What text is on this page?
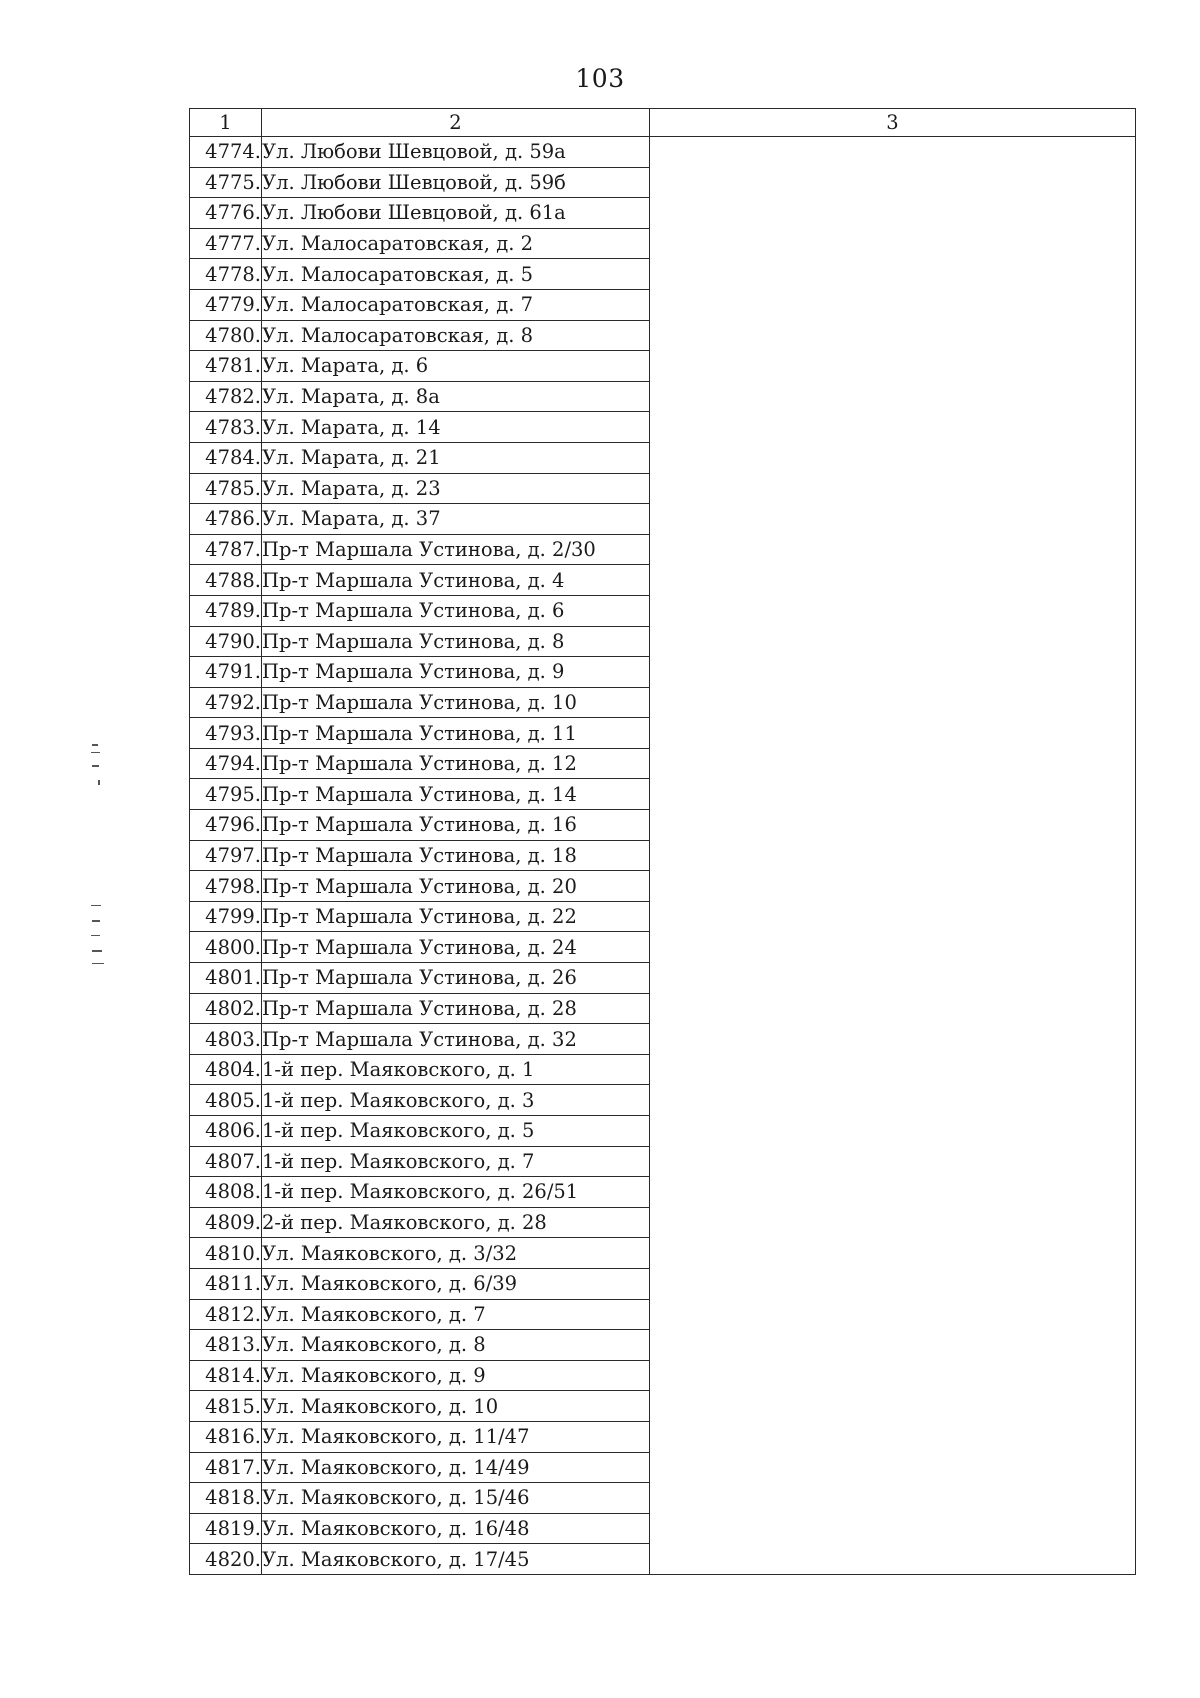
103
1	2	3
4774.	Ул. Любови Шевцовой, д. 59а	
4775.	Ул. Любови Шевцовой, д. 59б	
4776.	Ул. Любови Шевцовой, д. 61а	
4777.	Ул. Малосаратовская, д. 2	
4778.	Ул. Малосаратовская, д. 5	
4779.	Ул. Малосаратовская, д. 7	
4780.	Ул. Малосаратовская, д. 8	
4781.	Ул. Марата, д. 6	
4782.	Ул. Марата, д. 8а	
4783.	Ул. Марата, д. 14	
4784.	Ул. Марата, д. 21	
4785.	Ул. Марата, д. 23	
4786.	Ул. Марата, д. 37	
4787.	Пр-т Маршала Устинова, д. 2/30	
4788.	Пр-т Маршала Устинова, д. 4	
4789.	Пр-т Маршала Устинова, д. 6	
4790.	Пр-т Маршала Устинова, д. 8	
4791.	Пр-т Маршала Устинова, д. 9	
4792.	Пр-т Маршала Устинова, д. 10	
4793.	Пр-т Маршала Устинова, д. 11	
4794.	Пр-т Маршала Устинова, д. 12	
4795.	Пр-т Маршала Устинова, д. 14	
4796.	Пр-т Маршала Устинова, д. 16	
4797.	Пр-т Маршала Устинова, д. 18	
4798.	Пр-т Маршала Устинова, д. 20	
4799.	Пр-т Маршала Устинова, д. 22	
4800.	Пр-т Маршала Устинова, д. 24	
4801.	Пр-т Маршала Устинова, д. 26	
4802.	Пр-т Маршала Устинова, д. 28	
4803.	Пр-т Маршала Устинова, д. 32	
4804.	1-й пер. Маяковского, д. 1	
4805.	1-й пер. Маяковского, д. 3	
4806.	1-й пер. Маяковского, д. 5	
4807.	1-й пер. Маяковского, д. 7	
4808.	1-й пер. Маяковского, д. 26/51	
4809.	2-й пер. Маяковского, д. 28	
4810.	Ул. Маяковского, д. 3/32	
4811.	Ул. Маяковского, д. 6/39	
4812.	Ул. Маяковского, д. 7	
4813.	Ул. Маяковского, д. 8	
4814.	Ул. Маяковского, д. 9	
4815.	Ул. Маяковского, д. 10	
4816.	Ул. Маяковского, д. 11/47	
4817.	Ул. Маяковского, д. 14/49	
4818.	Ул. Маяковского, д. 15/46	
4819.	Ул. Маяковского, д. 16/48	
4820.	Ул. Маяковского, д. 17/45	
